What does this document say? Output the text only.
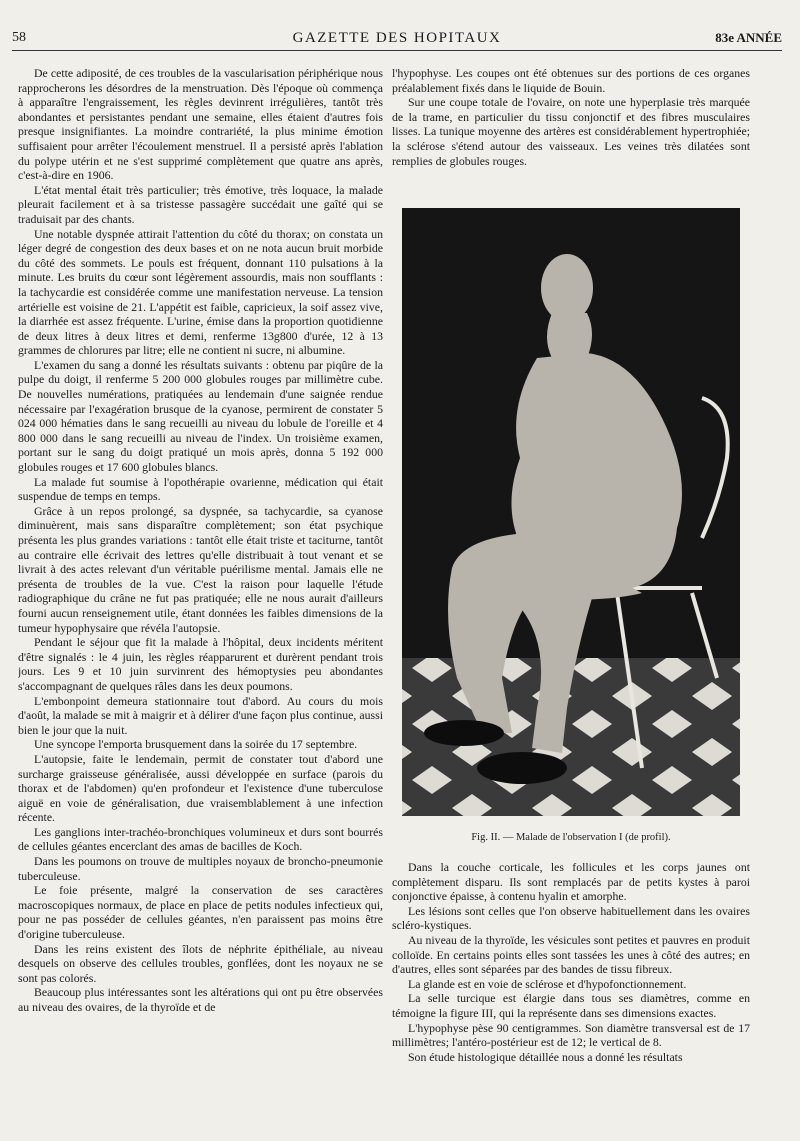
58	GAZETTE DES HOPITAUX	83e ANNÉE

De cette adiposité, de ces troubles de la vascularisation périphérique nous rapprocherons les désordres de la menstruation. Dès l'époque où commença à apparaître l'engraissement, les règles devinrent irrégulières, tantôt très abondantes et persistantes pendant une semaine, elles étaient d'autres fois presque insignifiantes. La moindre contrariété, la plus minime émotion suffisaient pour arrêter l'écoulement menstruel. Il a persisté après l'ablation du polype utérin et ne s'est supprimé complètement que quatre ans après, c'est-à-dire en 1906.

L'état mental était très particulier; très émotive, très loquace, la malade pleurait facilement et à sa tristesse passagère succédait une gaîté qui se traduisait par des chants.

Une notable dyspnée attirait l'attention du côté du thorax; on constata un léger degré de congestion des deux bases et on ne nota aucun bruit morbide du côté des sommets. Le pouls est fréquent, donnant 110 pulsations à la minute. Les bruits du cœur sont légèrement assourdis, mais non soufflants : la tachycardie est considérée comme une manifestation nerveuse. La tension artérielle est voisine de 21. L'appétit est faible, capricieux, la soif assez vive, la diarrhée est assez fréquente. L'urine, émise dans la proportion quotidienne de deux litres à deux litres et demi, renferme 13g800 d'urée, 12 à 13 grammes de chlorures par litre; elle ne contient ni sucre, ni albumine.

L'examen du sang a donné les résultats suivants : obtenu par piqûre de la pulpe du doigt, il renferme 5 200 000 globules rouges par millimètre cube. De nouvelles numérations, pratiquées au lendemain d'une saignée rendue nécessaire par l'exagération brusque de la cyanose, permirent de constater 5 024 000 hématies dans le sang recueilli au niveau du lobule de l'oreille et 4 800 000 dans le sang recueilli au niveau de l'index. Un troisième examen, portant sur le sang du doigt pratiqué un mois après, donna 5 192 000 globules rouges et 17 600 globules blancs.

La malade fut soumise à l'opothérapie ovarienne, médication qui était suspendue de temps en temps.

Grâce à un repos prolongé, sa dyspnée, sa tachycardie, sa cyanose diminuèrent, mais sans disparaître complètement; son état psychique présenta les plus grandes variations : tantôt elle était triste et taciturne, tantôt au contraire elle écrivait des lettres qu'elle distribuait à tout venant et se livrait à des actes relevant d'un véritable puérilisme mental. Jamais elle ne présenta de troubles de la vue. C'est la raison pour laquelle l'étude radiographique du crâne ne fut pas pratiquée; elle ne nous aurait d'ailleurs fourni aucun renseignement utile, étant données les faibles dimensions de la tumeur hypophysaire que révéla l'autopsie.

Pendant le séjour que fit la malade à l'hôpital, deux incidents méritent d'être signalés : le 4 juin, les règles réapparurent et durèrent pendant trois jours. Les 9 et 10 juin survinrent des hémoptysies peu abondantes s'accompagnant de quelques râles dans les deux poumons.

L'embonpoint demeura stationnaire tout d'abord. Au cours du mois d'août, la malade se mit à maigrir et à délirer d'une façon plus continue, aussi bien le jour que la nuit.

Une syncope l'emporta brusquement dans la soirée du 17 septembre.

L'autopsie, faite le lendemain, permit de constater tout d'abord une surcharge graisseuse généralisée, aussi développée en surface (parois du thorax et de l'abdomen) qu'en profondeur et l'existence d'une tuberculose aiguë en voie de généralisation, due vraisemblablement à une infection récente.

Les ganglions inter-trachéo-bronchiques volumineux et durs sont bourrés de cellules géantes encerclant des amas de bacilles de Koch.

Dans les poumons on trouve de multiples noyaux de broncho-pneumonie tuberculeuse.

Le foie présente, malgré la conservation de ses caractères macroscopiques normaux, de place en place de petits nodules infectieux qui, pour ne pas posséder de cellules géantes, n'en paraissent pas moins être d'origine tuberculeuse.

Dans les reins existent des îlots de néphrite épithéliale, au niveau desquels on observe des cellules troubles, gonflées, dont les noyaux ne se sont pas colorés.

Beaucoup plus intéressantes sont les altérations qui ont pu être observées au niveau des ovaires, de la thyroïde et de

l'hypophyse. Les coupes ont été obtenues sur des portions de ces organes préalablement fixés dans le liquide de Bouin.

Sur une coupe totale de l'ovaire, on note une hyperplasie très marquée de la trame, en particulier du tissu conjonctif et des fibres musculaires lisses. La tunique moyenne des artères est considérablement hypertrophiée; la sclérose s'étend autour des vaisseaux. Les veines très dilatées sont remplies de globules rouges.

Fig. II. — Malade de l'observation I (de profil).

Dans la couche corticale, les follicules et les corps jaunes ont complètement disparu. Ils sont remplacés par de petits kystes à paroi conjonctive épaisse, à contenu hyalin et amorphe.

Les lésions sont celles que l'on observe habituellement dans les ovaires scléro-kystiques.

Au niveau de la thyroïde, les vésicules sont petites et pauvres en produit colloïde. En certains points elles sont tassées les unes à côté des autres; en d'autres, elles sont séparées par des bandes de tissu fibreux.

La glande est en voie de sclérose et d'hypofonctionnement.

La selle turcique est élargie dans tous ses diamètres, comme en témoigne la figure III, qui la représente dans ses dimensions exactes.

L'hypophyse pèse 90 centigrammes. Son diamètre transversal est de 17 millimètres; l'antéro-postérieur est de 12; le vertical de 8.

Son étude histologique détaillée nous a donné les résultats
